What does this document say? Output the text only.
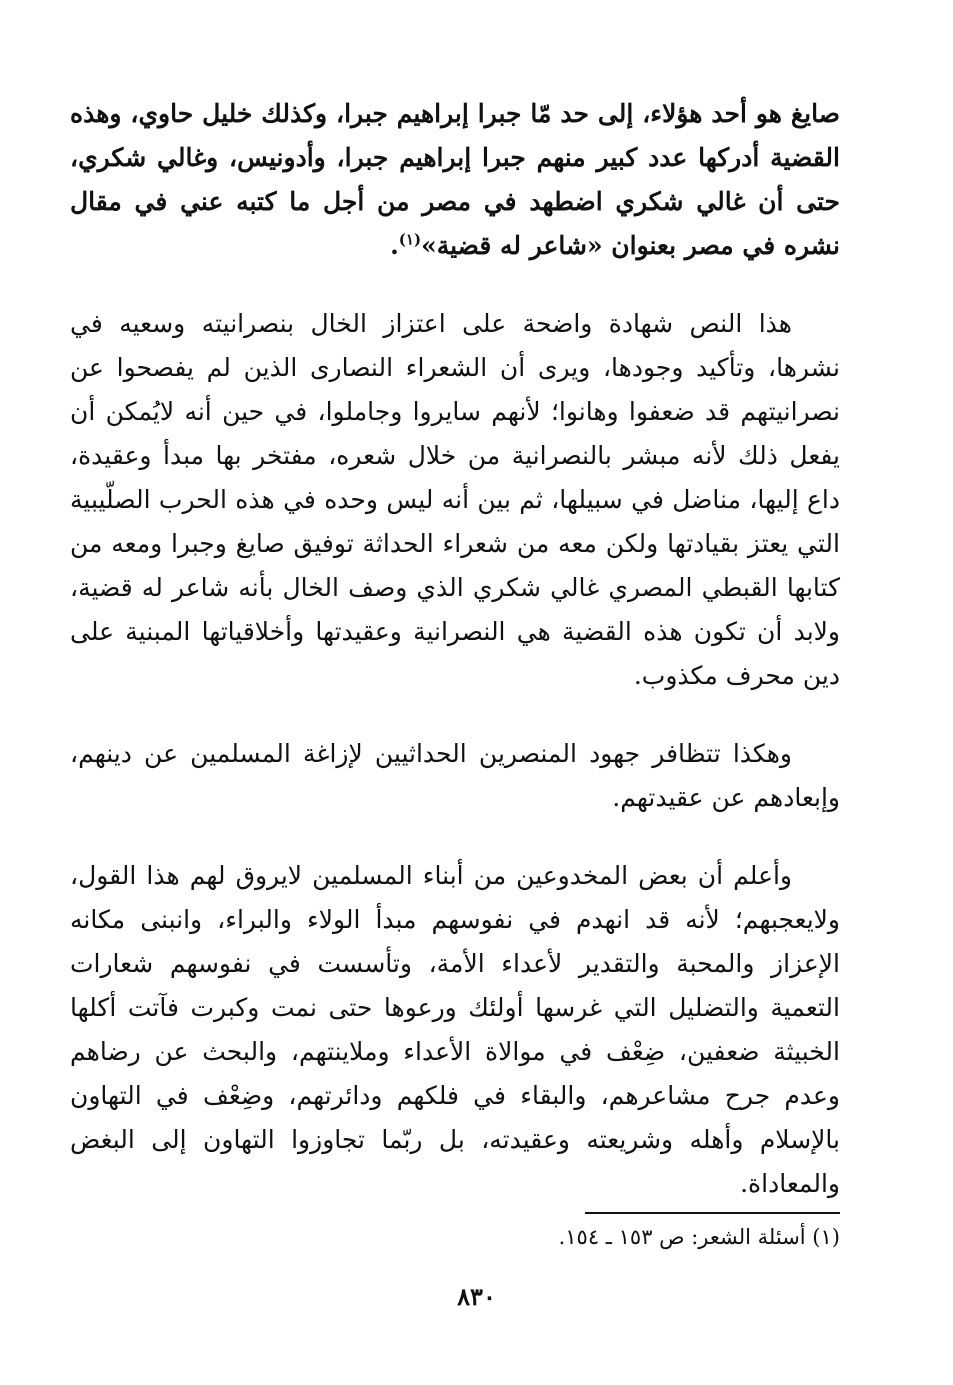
صايغ هو أحد هؤلاء، إلى حد مّا جبرا إبراهيم جبرا، وكذلك خليل حاوي، وهذه القضية أدركها عدد كبير منهم جبرا إبراهيم جبرا، وأدونيس، وغالي شكري، حتى أن غالي شكري اضطهد في مصر من أجل ما كتبه عني في مقال نشره في مصر بعنوان «شاعر له قضية»$^{(١)}$.

هذا النص شهادة واضحة على اعتزاز الخال بنصرانيته وسعيه في نشرها، وتأكيد وجودها، ويرى أن الشعراء النصارى الذين لم يفصحوا عن نصرانيتهم قد ضعفوا وهانوا؛ لأنهم سايروا وجاملوا، في حين أنه لايُمكن أن يفعل ذلك لأنه مبشر بالنصرانية من خلال شعره، مفتخر بها مبدأ وعقيدة، داع إليها، مناضل في سبيلها، ثم بين أنه ليس وحده في هذه الحرب الصلّيبية التي يعتز بقيادتها ولكن معه من شعراء الحداثة توفيق صايغ وجبرا ومعه من كتابها القبطي المصري غالي شكري الذي وصف الخال بأنه شاعر له قضية، ولابد أن تكون هذه القضية هي النصرانية وعقيدتها وأخلاقياتها المبنية على دين محرف مكذوب.

وهكذا تتظافر جهود المنصرين الحداثيين لإزاغة المسلمين عن دينهم، وإبعادهم عن عقيدتهم.

وأعلم أن بعض المخدوعين من أبناء المسلمين لايروق لهم هذا القول، ولايعجبهم؛ لأنه قد انهدم في نفوسهم مبدأ الولاء والبراء، وانبنى مكانه الإعزاز والمحبة والتقدير لأعداء الأمة، وتأسست في نفوسهم شعارات التعمية والتضليل التي غرسها أولئك ورعوها حتى نمت وكبرت فآتت أكلها الخبيثة ضعفين، ضِعْف في موالاة الأعداء وملاينتهم، والبحث عن رضاهم وعدم جرح مشاعرهم، والبقاء في فلكهم ودائرتهم، وضِعْف في التهاون بالإسلام وأهله وشريعته وعقيدته، بل ربّما تجاوزوا التهاون إلى البغض والمعاداة.

(١) أسئلة الشعر: ص ١٥٣ ـ ١٥٤.

٨٣٠
